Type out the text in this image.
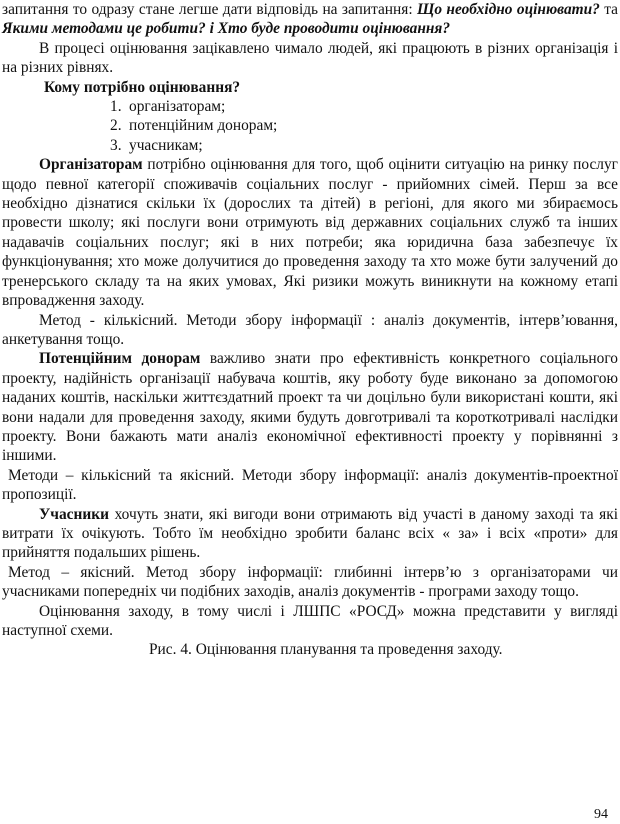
запитання то одразу стане легше дати відповідь на запитання: Що необхідно оцінювати? та Якими методами це робити? і Хто буде проводити оцінювання?

В процесі оцінювання зацікавлено чимало людей, які працюють в різних організація і на різних рівнях.

Кому потрібно оцінювання?

1. організаторам;
2. потенційним донорам;
3. учасникам;

Організаторам потрібно оцінювання для того, щоб оцінити ситуацію на ринку послуг щодо певної категорії споживачів соціальних послуг - прийомних сімей. Перш за все необхідно дізнатися скільки їх (дорослих та дітей) в регіоні, для якого ми збираємось провести школу; які послуги вони отримують від державних соціальних служб та інших надавачів соціальних послуг; які в них потреби; яка юридична база забезпечує їх функціонування; хто може долучитися до проведення заходу та хто може бути залучений до тренерського складу та на яких умовах, Які ризики можуть виникнути на кожному етапі впровадження заходу.

Метод - кількісний. Методи збору інформації : аналіз документів, інтерв’ювання, анкетування тощо.

Потенційним донорам важливо знати про ефективність конкретного соціального проекту, надійність організації набувача коштів, яку роботу буде виконано за допомогою наданих коштів, наскільки життєздатний проект та чи доцільно були використані кошти, які вони надали для проведення заходу, якими будуть довготривалі та короткотривалі наслідки проекту. Вони бажають мати аналіз економічної ефективності проекту у порівнянні з іншими.

Методи – кількісний та якісний. Методи збору інформації: аналіз документів-проектної пропозиції.

Учасники хочуть знати, які вигоди вони отримають від участі в даному заході та які витрати їх очікують. Тобто їм необхідно зробити баланс всіх « за» і всіх «проти» для прийняття подальших рішень.

Метод – якісний. Метод збору інформації: глибинні інтерв’ю з організаторами чи учасниками попередніх чи подібних заходів, аналіз документів - програми заходу тощо.

Оцінювання заходу, в тому числі і ЛШПС «РОСД» можна представити у вигляді наступної схеми.

Рис. 4. Оцінювання планування та проведення заходу.

94
